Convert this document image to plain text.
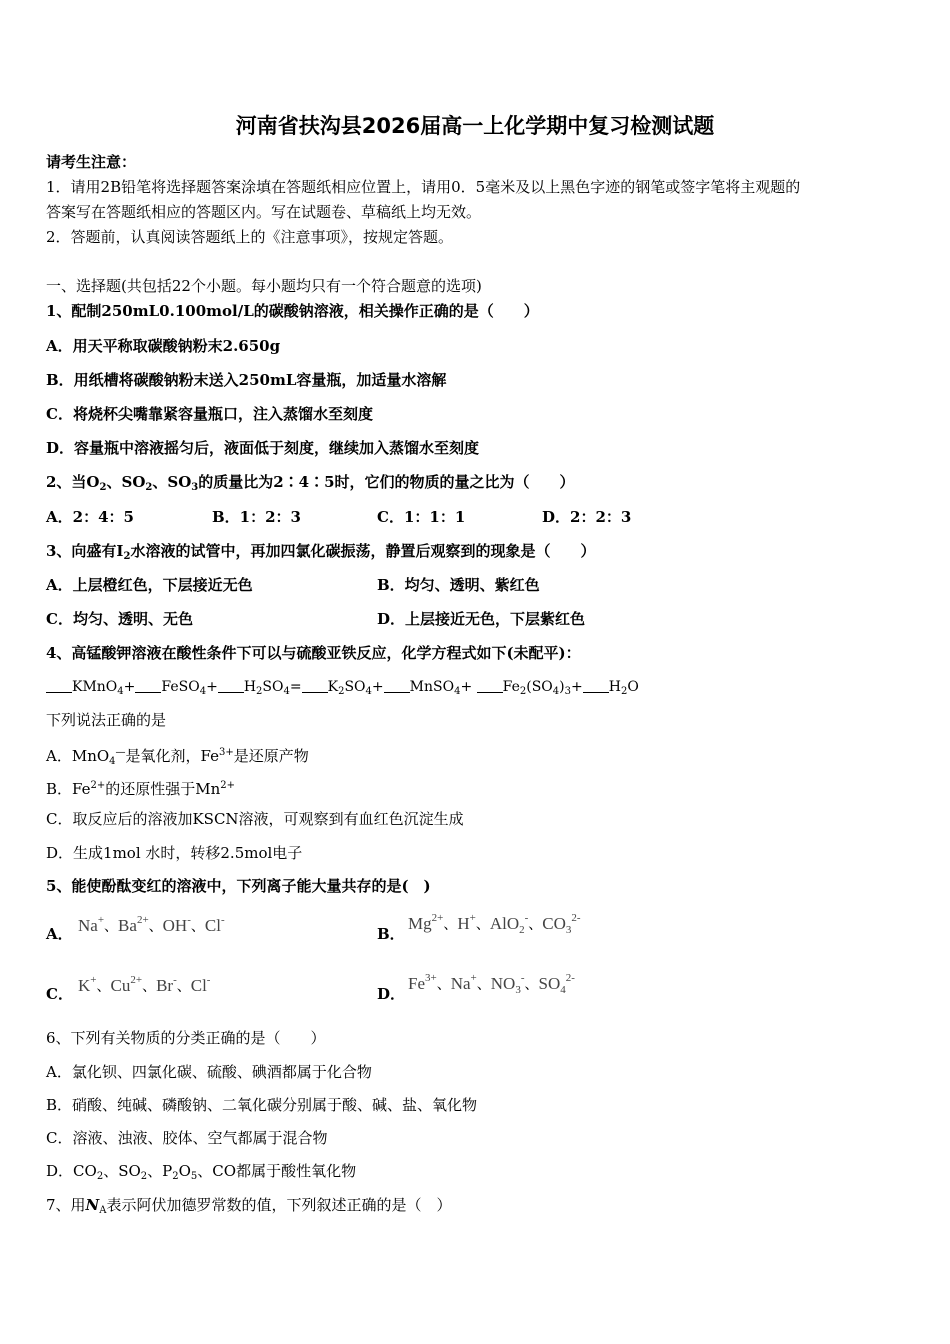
河南省扶沟县2026届高一上化学期中复习检测试题
请考生注意：
1．请用2B铅笔将选择题答案涂填在答题纸相应位置上，请用0．5毫米及以上黑色字迹的钢笔或签字笔将主观题的
答案写在答题纸相应的答题区内。写在试题卷、草稿纸上均无效。
2．答题前，认真阅读答题纸上的《注意事项》，按规定答题。
一、选择题(共包括22个小题。每小题均只有一个符合题意的选项)
1、配制250mL0.100mol/L的碳酸钠溶液，相关操作正确的是（　　）
A．用天平称取碳酸钠粉末2.650g
B．用纸槽将碳酸钠粉末送入250mL容量瓶，加适量水溶解
C．将烧杯尖嘴靠紧容量瓶口，注入蒸馏水至刻度
D．容量瓶中溶液摇匀后，液面低于刻度，继续加入蒸馏水至刻度
2、当$O_2$、$SO_2$、$SO_3$的质量比为2∶4∶5时，它们的物质的量之比为（　　）
A．2：4：5	B．1：2：3	C．1：1：1	D．2：2：3
3、向盛有$I_2$水溶液的试管中，再加四氯化碳振荡，静置后观察到的现象是（　　）
A．上层橙红色，下层接近无色	B．均匀、透明、紫红色
C．均匀、透明、无色	D．上层接近无色，下层紫红色
4、高锰酸钾溶液在酸性条件下可以与硫酸亚铁反应，化学方程式如下(未配平)：
KMnO$_4$+ FeSO$_4$+ $H_2SO_4= K_2SO_4+$ MnSO$_4$+ $Fe_2(SO_4)_3+ H_2O$
下列说法正确的是
A．MnO$_4$—是氧化剂，$Fe^{3+}$是还原产物
B．$Fe^{2+}$的还原性强于$Mn^{2+}$
C．取反应后的溶液加KSCN溶液，可观察到有血红色沉淀生成
D．生成1mol 水时，转移2.5mol电子
5、能使酚酞变红的溶液中，下列离子能大量共存的是(　)
A． Na+、$Ba^{2+}$、OH-、Cl-
B．
$Mg^{2+}$、H+、AlO$_2$-、$CO_3^{2-}$
C． K+、$Cu^{2+}$、Br-、Cl-
D．
$Fe^{3+}$、Na+、$NO_3^-$、$SO_4^{2-}$
6、下列有关物质的分类正确的是（　　）
A．氯化钡、四氯化碳、硫酸、碘酒都属于化合物
B．硝酸、纯碱、磷酸钠、二氧化碳分别属于酸、碱、盐、氧化物
C．溶液、浊液、胶体、空气都属于混合物
D．$CO_2$、$SO_2$、$P_2O_5$、CO都属于酸性氧化物
7、用$N_A$表示阿伏加德罗常数的值，下列叙述正确的是（　）
